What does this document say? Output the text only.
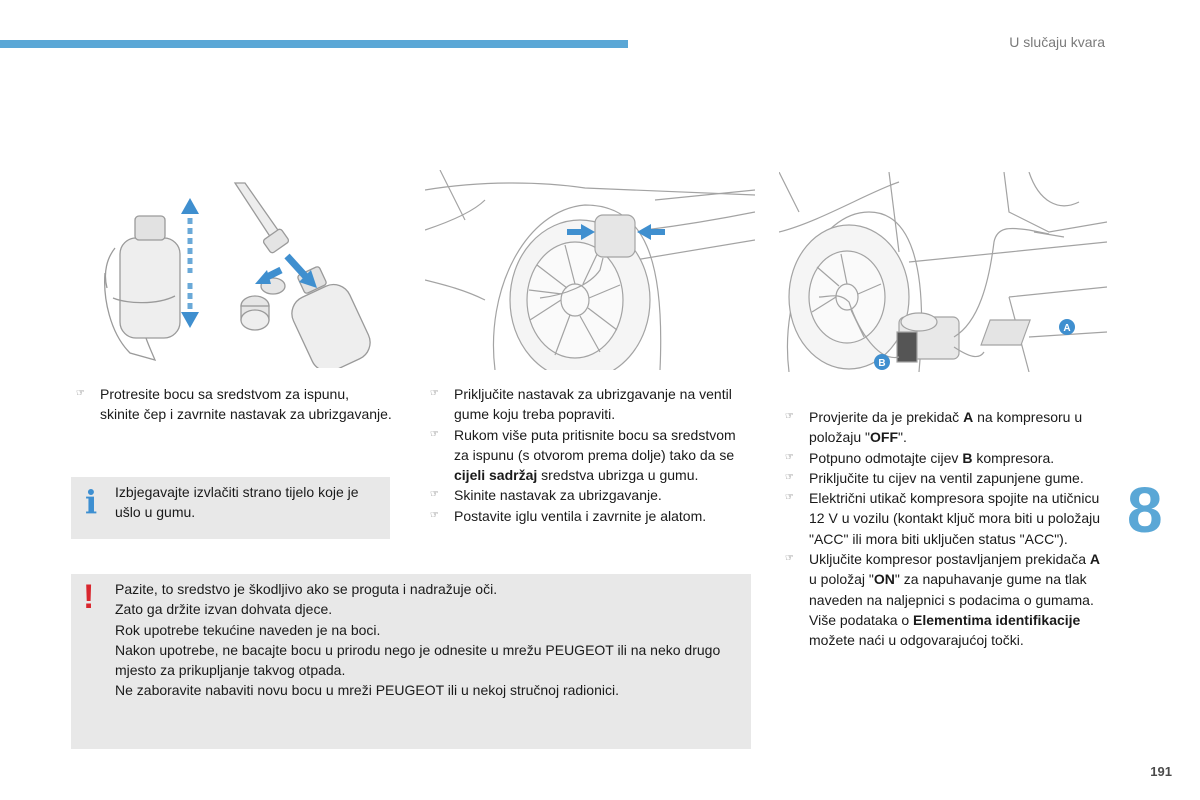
U slučaju kvara
A
B
☞ Protresite bocu sa sredstvom za ispunu, skinite čep i zavrnite nastavak za ubrizgavanje.
i Izbjegavajte izvlačiti strano tijelo koje je ušlo u gumu.
☞ Priključite nastavak za ubrizgavanje na ventil gume koju treba popraviti.
☞ Rukom više puta pritisnite bocu sa sredstvom za ispunu (s otvorom prema dolje) tako da se cijeli sadržaj sredstva ubrizga u gumu.
☞ Skinite nastavak za ubrizgavanje.
☞ Postavite iglu ventila i zavrnite je alatom.
☞ Provjerite da je prekidač A na kompresoru u položaju "OFF".
☞ Potpuno odmotajte cijev B kompresora.
☞ Priključite tu cijev na ventil zapunjene gume.
☞ Električni utikač kompresora spojite na utičnicu 12 V u vozilu (kontakt ključ mora biti u položaju "ACC" ili mora biti uključen status "ACC").
☞ Uključite kompresor postavljanjem prekidača A u položaj "ON" za napuhavanje gume na tlak naveden na naljepnici s podacima o gumama.
Više podataka o Elementima identifikacije možete naći u odgovarajućoj točki.
! Pazite, to sredstvo je škodljivo ako se proguta i nadražuje oči.

Zato ga držite izvan dohvata djece.

Rok upotrebe tekućine naveden je na boci.

Nakon upotrebe, ne bacajte bocu u prirodu nego je odnesite u mrežu PEUGEOT ili na neko drugo mjesto za prikupljanje takvog otpada.

Ne zaboravite nabaviti novu bocu u mreži PEUGEOT ili u nekoj stručnoj radionici.

8
191
